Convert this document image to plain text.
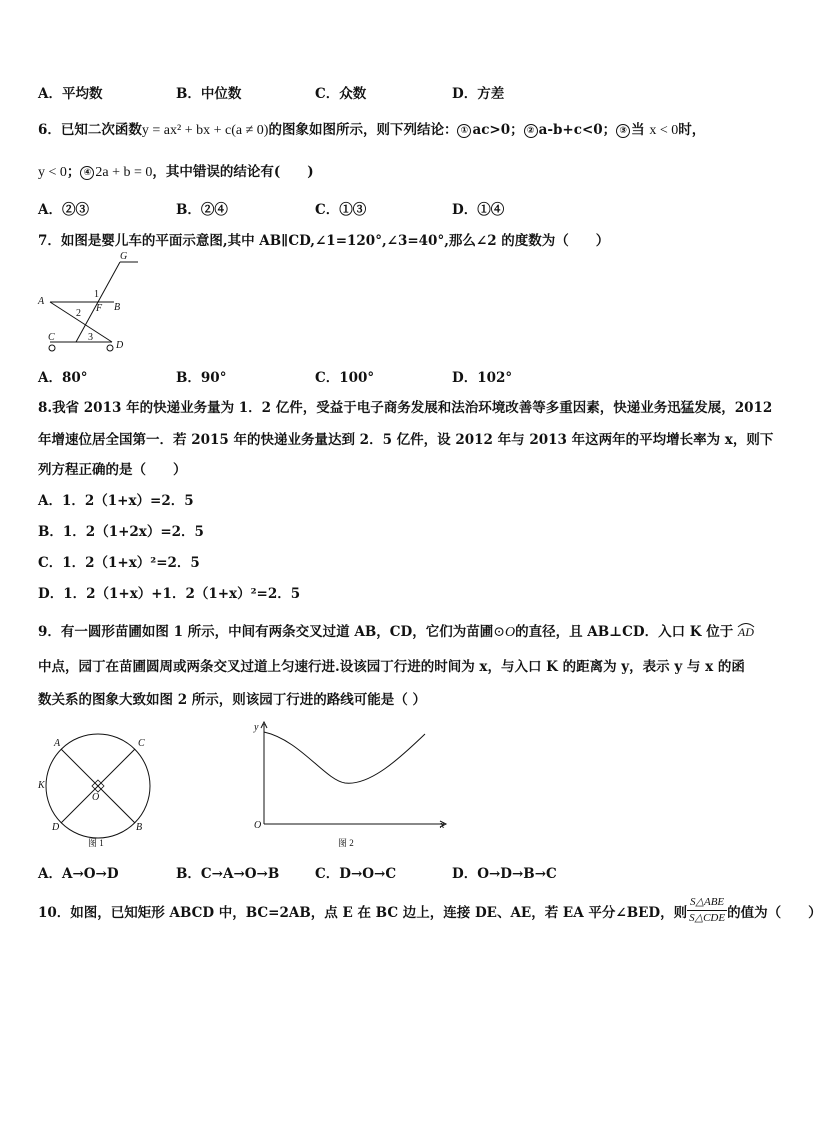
A．平均数	B．中位数	C．众数	D．方差
6．已知二次函数y = ax² + bx + c(a ≠ 0)的图象如图所示，则下列结论： ① ac>0； ② a-b+c<0； ③ 当 x < 0时，
y < 0； ④ 2a + b = 0，其中错误的结论有(　　)
A．②③	B．②④	C．①③	D．①④
7．如图是婴儿车的平面示意图,其中 AB∥CD,∠1=120°,∠3=40°,那么∠2 的度数为（　　）
G
A
1
B
F
2
C	3
D
A．80°	B．90°	C．100°	D．102°
8.我省 2013 年的快递业务量为 1．2 亿件，受益于电子商务发展和法治环境改善等多重因素，快递业务迅猛发展，2012
年增速位居全国第一．若 2015 年的快递业务量达到 2．5 亿件，设 2012 年与 2013 年这两年的平均增长率为 x，则下
列方程正确的是（　　）
A．1．2（1+x）=2．5
B．1．2（1+2x）=2．5
C．1．2（1+x）²=2．5
D．1．2（1+x）+1．2（1+x）²=2．5
9．有一圆形苗圃如图 1 所示，中间有两条交叉过道 AB，CD，它们为苗圃⊙O的直径，且 AB⊥CD．入口 K 位于 AD
中点，园丁在苗圃圆周或两条交叉过道上匀速行进.设该园丁行进的时间为 x，与入口 K 的距离为 y，表示 y 与 x 的函
数关系的图象大致如图 2 所示，则该园丁行进的路线可能是（ ）
A	C
K
O
D	B
图 1
y
O	x
图 2
A．A→O→D	B．C→A→O→B	C．D→O→C	D．O→D→B→C
10．如图，已知矩形 ABCD 中，BC=2AB，点 E 在 BC 边上，连接 DE、AE，若 EA 平分∠BED，则 $\frac{\text{S△ABE}}{\text{S△CDE}}$ 的值为（　　）
